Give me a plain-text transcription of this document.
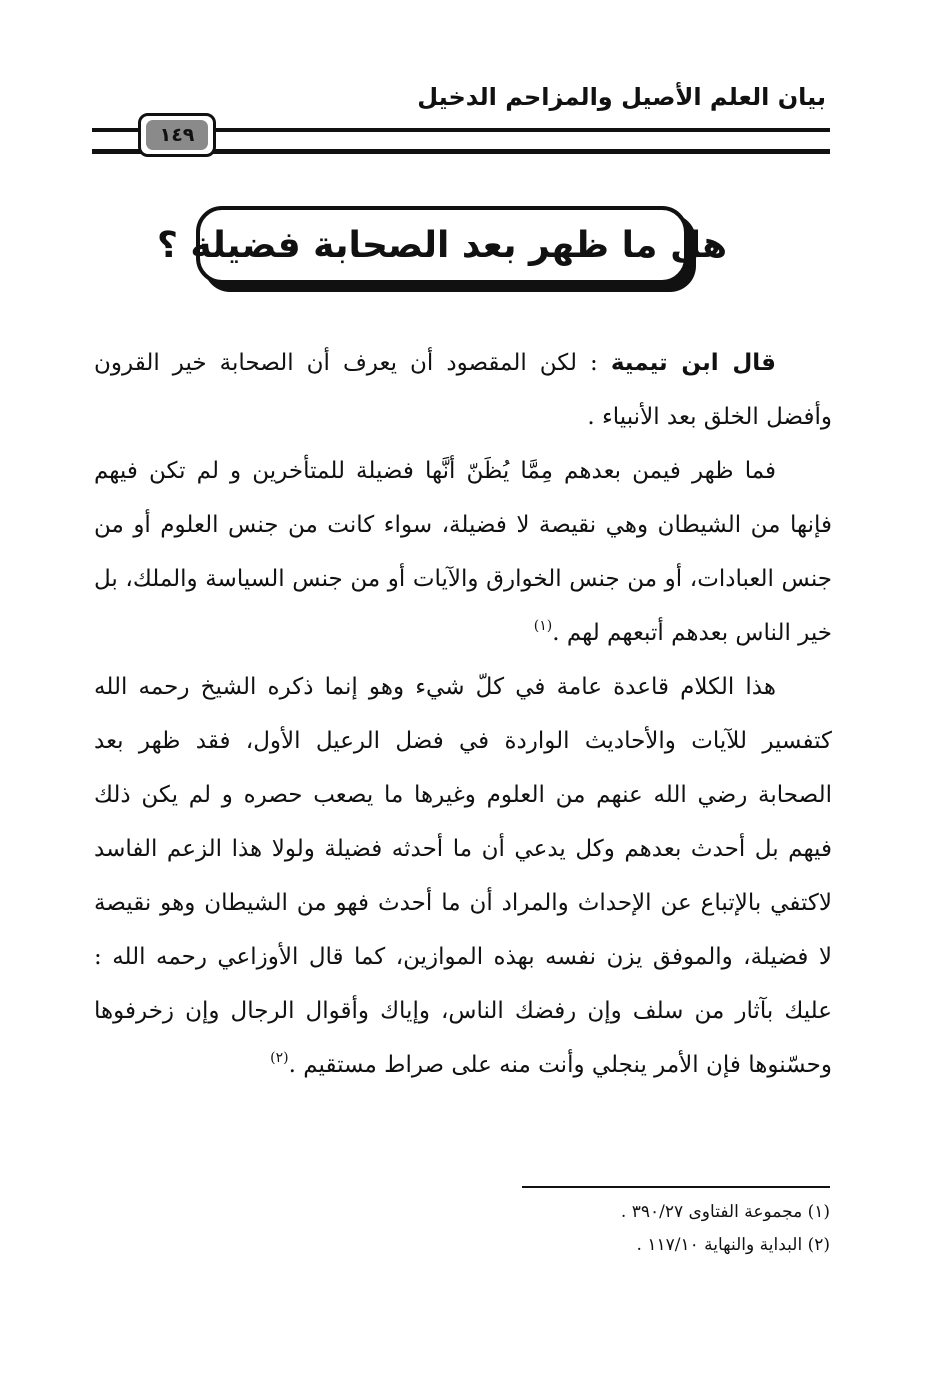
بيان العلم الأصيل والمزاحم الدخيل
١٤٩
هل ما ظهر بعد الصحابة فضيلة ؟

قال ابن تيمية : لكن المقصود أن يعرف أن الصحابة خير القرون وأفضل الخلق بعد الأنبياء .

فما ظهر فيمن بعدهم مِمَّا يُظَنّ أنَّها فضيلة للمتأخرين و لم تكن فيهم فإنها من الشيطان وهي نقيصة لا فضيلة، سواء كانت من جنس العلوم أو من جنس العبادات، أو من جنس الخوارق والآيات أو من جنس السياسة والملك، بل خير الناس بعدهم أتبعهم لهم .$^{(١)}$

هذا الكلام قاعدة عامة في كلّ شيء وهو إنما ذكره الشيخ رحمه الله كتفسير للآيات والأحاديث الواردة في فضل الرعيل الأول، فقد ظهر بعد الصحابة رضي الله عنهم من العلوم وغيرها ما يصعب حصره و لم يكن ذلك فيهم بل أحدث بعدهم وكل يدعي أن ما أحدثه فضيلة ولولا هذا الزعم الفاسد لاكتفي بالإتباع عن الإحداث والمراد أن ما أحدث فهو من الشيطان وهو نقيصة لا فضيلة، والموفق يزن نفسه بهذه الموازين، كما قال الأوزاعي رحمه الله : عليك بآثار من سلف وإن رفضك الناس، وإياك وأقوال الرجال وإن زخرفوها وحسّنوها فإن الأمر ينجلي وأنت منه على صراط مستقيم .$^{(٢)}$

(١) مجموعة الفتاوى ٣٩٠/٢٧ .

(٢) البداية والنهاية ١١٧/١٠ .
